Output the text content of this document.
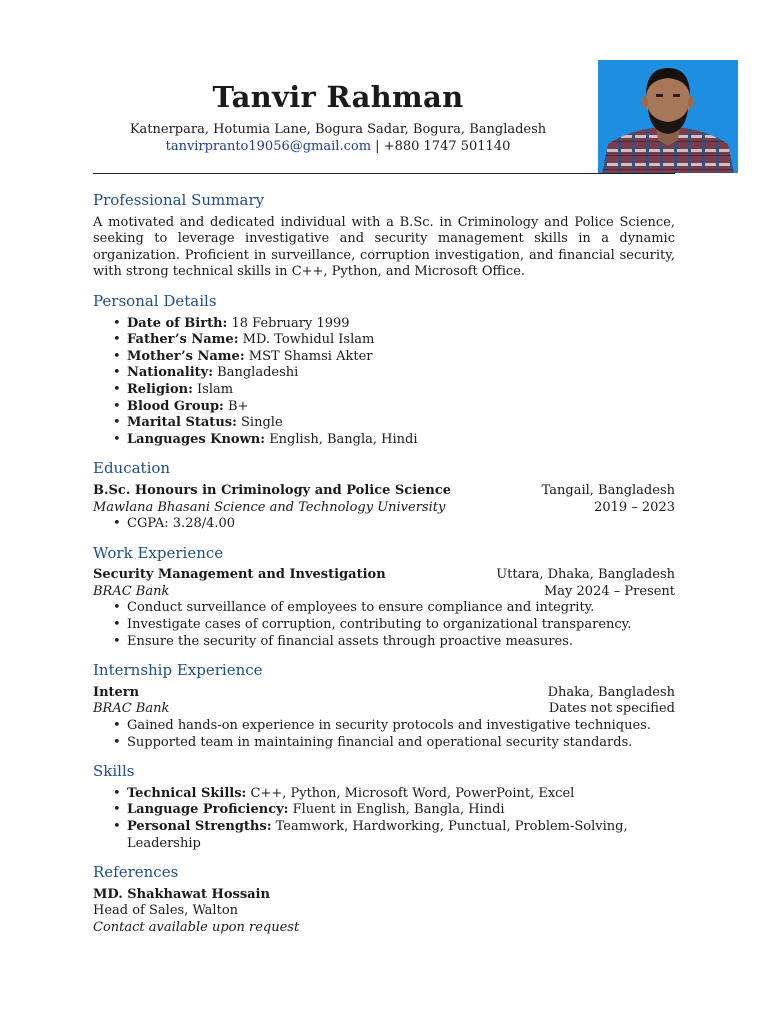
Tanvir Rahman
Katnerpara, Hotumia Lane, Bogura Sadar, Bogura, Bangladesh
tanvirpranto19056@gmail.com | +880 1747 501140
Professional Summary

A motivated and dedicated individual with a B.Sc. in Criminology and Police Science, seeking to leverage investigative and security management skills in a dynamic organization. Proficient in surveillance, corruption investigation, and financial security, with strong technical skills in C++, Python, and Microsoft Office.

Personal Details
• Date of Birth: 18 February 1999
• Father’s Name: MD. Towhidul Islam
• Mother’s Name: MST Shamsi Akter
• Nationality: Bangladeshi
• Religion: Islam
• Blood Group: B+
• Marital Status: Single
• Languages Known: English, Bangla, Hindi
Education
B.Sc. Honours in Criminology and Police Science	Tangail, Bangladesh
Mawlana Bhasani Science and Technology University	2019 – 2023
• CGPA: 3.28/4.00
Work Experience
Security Management and Investigation	Uttara, Dhaka, Bangladesh
BRAC Bank	May 2024 – Present
• Conduct surveillance of employees to ensure compliance and integrity.
• Investigate cases of corruption, contributing to organizational transparency.
• Ensure the security of financial assets through proactive measures.
Internship Experience
Intern	Dhaka, Bangladesh
BRAC Bank	Dates not specified
• Gained hands-on experience in security protocols and investigative techniques.
• Supported team in maintaining financial and operational security standards.
Skills
• Technical Skills: C++, Python, Microsoft Word, PowerPoint, Excel
• Language Proficiency: Fluent in English, Bangla, Hindi
• Personal Strengths: Teamwork, Hardworking, Punctual, Problem-Solving, Leadership
References
MD. Shakhawat Hossain
Head of Sales, Walton
Contact available upon request
